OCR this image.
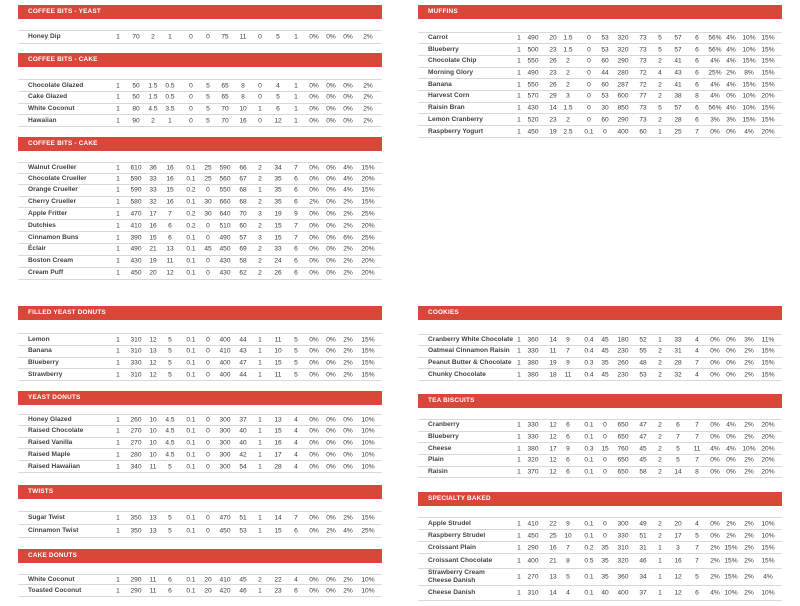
COFFEE BITS - YEAST
Honey Dip	1	70	2	1	0	0	75	11	0	5	1	0%	0%	0%	2%
COFFEE BITS - CAKE
Chocolate Glazed	1	50	1.5	0.5	0	5	65	8	0	4	1	0%	0%	0%	2%
Cake Glazed	1	50	1.5	0.5	0	5	65	8	0	5	1	0%	0%	0%	2%
White Coconut	1	80	4.5	3.5	0	5	70	10	1	6	1	0%	0%	0%	2%
Hawaiian	1	90	2	1	0	5	70	16	0	12	1	0%	0%	0%	2%
COFFEE BITS - CAKE
Walnut Crueller	1	610	36	16	0.1	25	590	66	2	34	7	0%	0%	4%	15%
Chocolate Crueller	1	590	33	16	0.1	25	560	67	2	35	6	0%	0%	4%	20%
Orange Crueller	1	590	33	15	0.2	0	550	68	1	35	6	0%	0%	4%	15%
Cherry Crueller	1	580	32	16	0.1	30	660	68	2	35	6	2%	0%	2%	15%
Apple Fritter	1	470	17	7	0.2	30	640	70	3	19	9	0%	0%	2%	25%
Dutchies	1	410	16	6	0.2	0	510	60	2	15	7	0%	0%	2%	20%
Cinnamon Buns	1	390	15	6	0.1	0	490	57	3	15	7	0%	0%	6%	25%
Éclair	1	490	21	13	0.1	45	450	69	2	33	6	0%	0%	2%	20%
Boston Cream	1	430	19	11	0.1	0	430	58	2	24	6	0%	0%	2%	20%
Cream Puff	1	450	20	12	0.1	0	430	62	2	26	6	0%	0%	2%	20%
FILLED YEAST DONUTS
Lemon	1	310	12	5	0.1	0	400	44	1	11	5	0%	0%	2%	15%
Banana	1	310	13	5	0.1	0	410	43	1	10	5	0%	0%	2%	15%
Blueberry	1	330	12	5	0.1	0	400	47	1	15	5	0%	0%	2%	15%
Strawberry	1	310	12	5	0.1	0	400	44	1	11	5	0%	0%	2%	15%
YEAST DONUTS
Honey Glazed	1	260	10	4.5	0.1	0	300	37	1	13	4	0%	0%	0%	10%
Raised Chocolate	1	270	10	4.5	0.1	0	300	40	1	15	4	0%	0%	0%	10%
Raised Vanilla	1	270	10	4.5	0.1	0	300	40	1	16	4	0%	0%	0%	10%
Raised Maple	1	280	10	4.5	0.1	0	300	42	1	17	4	0%	0%	0%	10%
Raised Hawaiian	1	340	11	5	0.1	0	300	54	1	28	4	0%	0%	0%	10%
TWISTS
Sugar Twist	1	350	13	5	0.1	0	470	51	1	14	7	0%	0%	2%	15%
Cinnamon Twist	1	350	13	5	0.1	0	450	53	1	15	6	0%	2%	4%	25%
CAKE DONUTS
White Coconut	1	290	11	6	0.1	20	410	45	2	22	4	0%	0%	2%	10%
Toasted Coconut	1	290	11	6	0.1	20	420	46	1	23	6	0%	0%	2%	10%
MUFFINS
Carrot	1	490	20	1.5	0	53	320	73	5	57	6	56% 4%	10% 15%
Blueberry	1	500	23	1.5	0	53	320	73	5	57	6	56% 4%	10% 15%
Chocolate Chip	1	550	26	2	0	60	290	73	2	41	6	4% 4%	15% 15%
Morning Glory	1	490	23	2	0	44	280	72	4	43	6	25% 2%	8%	15%
Banana	1	550	26	2	0	60	287	72	2	41	6	4% 4%	15% 15%
Harvest Corn	1	570	29	3	0	53	600	77	2	38	8	4% 0%	10% 20%
Raisin Bran	1	430	14	1.5	0	30	850	73	5	57	6	56% 4%	10% 15%
Lemon Cranberry	1	520	23	2	0	60	290	73	2	28	6	3% 3%	15% 15%
Raspberry Yogurt	1	450	19	2.5	0.1	0	400	60	1	25	7	0% 0%	4%	20%
COOKIES
Cranberry White Chocolate 1	360	14	9	0.4	45	180	52	1	33	4	0% 0%	3%	11%
Oatmeal Cinnamon Raisin	1	330	11	7	0.4	45	230	55	2	31	4	0% 0%	2%	15%
Peanut Butter & Chocolate 1	380	19	9	0.3	35	260	48	2	28	7	0% 0%	2%	15%
Chunky Chocolate	1	380	18	11	0.4	45	230	53	2	32	4	0% 0%	2%	15%
TEA BISCUITS
Cranberry	1	330	12	6	0.1	0	650	47	2	6	7	0% 4%	2%	20%
Blueberry	1	330	12	6	0.1	0	650	47	2	7	7	0% 0%	2%	20%
Cheese	1	380	17	9	0.3	15	760	45	2	5	11	4% 4%	10% 20%
Plain	1	320	12	6	0.1	0	650	45	2	5	7	0% 0%	2%	20%
Raisin	1	370	12	6	0.1	0	650	58	2	14	8	0% 0%	2%	20%
SPECIALTY BAKED
Apple Strudel	1	410	22	9	0.1	0	300	49	2	20	4	0% 2%	2%	10%
Raspberry Strudel	1	450	25	10	0.1	0	330	51	2	17	5	0% 2%	2%	10%
Croissant Plain	1	290	16	7	0.2	35	310	31	1	3	7	2% 15%	2%	15%
Croissant Chocolate	1	400	21	8	0.5	35	320	46	1	16	7	2% 15%	2%	15%
Strawberry Cream Cheese Danish	1	270	13	5	0.1	35	360	34	1	12	5	2% 15%	2%	4%
Cheese Danish	1	310	14	4	0.1	40	400	37	1	12	6	4% 10%	2%	10%
